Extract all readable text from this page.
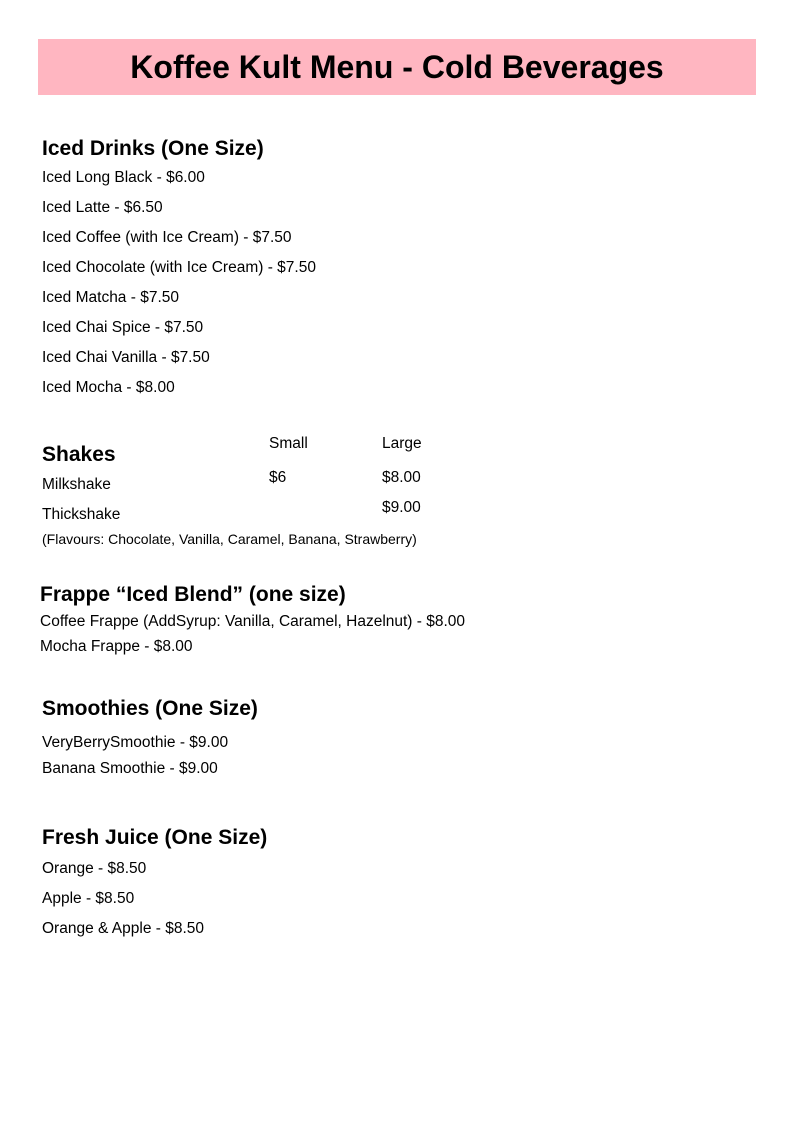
Koffee Kult Menu - Cold Beverages
Iced Drinks (One Size)
Iced Long Black - $6.00
Iced Latte - $6.50
Iced Coffee (with Ice Cream) - $7.50
Iced Chocolate (with Ice Cream) - $7.50
Iced Matcha - $7.50
Iced Chai Spice - $7.50
Iced Chai Vanilla - $7.50
Iced Mocha - $8.00
Small	Large
Shakes
$6	$8.00
Milkshake
$9.00
Thickshake
(Flavours: Chocolate, Vanilla, Caramel, Banana, Strawberry)
Frappe “Iced Blend” (one size)
Coffee Frappe (AddSyrup: Vanilla, Caramel, Hazelnut) - $8.00
Mocha Frappe - $8.00
Smoothies (One Size)
VeryBerrySmoothie - $9.00
Banana Smoothie - $9.00
Fresh Juice (One Size)
Orange - $8.50
Apple - $8.50
Orange & Apple - $8.50
